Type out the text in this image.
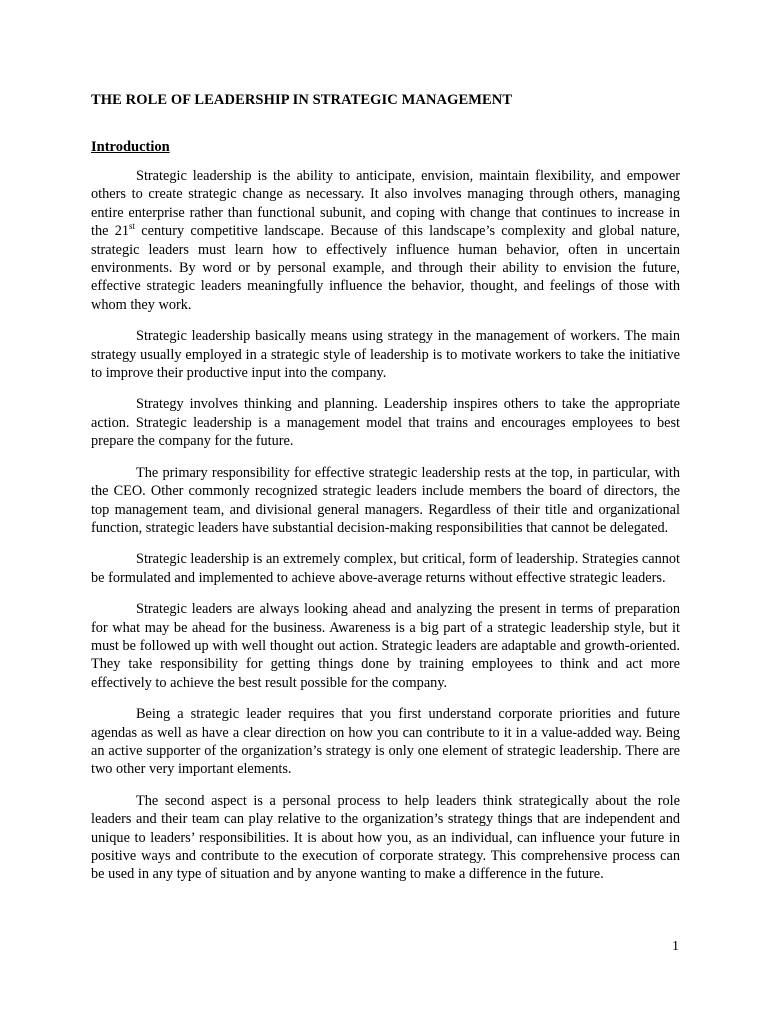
THE ROLE OF LEADERSHIP IN STRATEGIC MANAGEMENT
Introduction

Strategic leadership is the ability to anticipate, envision, maintain flexibility, and empower others to create strategic change as necessary. It also involves managing through others, managing entire enterprise rather than functional subunit, and coping with change that continues to increase in the 21st century competitive landscape. Because of this landscape’s complexity and global nature, strategic leaders must learn how to effectively influence human behavior, often in uncertain environments. By word or by personal example, and through their ability to envision the future, effective strategic leaders meaningfully influence the behavior, thought, and feelings of those with whom they work.

Strategic leadership basically means using strategy in the management of workers. The main strategy usually employed in a strategic style of leadership is to motivate workers to take the initiative to improve their productive input into the company.

Strategy involves thinking and planning. Leadership inspires others to take the appropriate action. Strategic leadership is a management model that trains and encourages employees to best prepare the company for the future.

The primary responsibility for effective strategic leadership rests at the top, in particular, with the CEO. Other commonly recognized strategic leaders include members the board of directors, the top management team, and divisional general managers. Regardless of their title and organizational function, strategic leaders have substantial decision-making responsibilities that cannot be delegated.

Strategic leadership is an extremely complex, but critical, form of leadership. Strategies cannot be formulated and implemented to achieve above-average returns without effective strategic leaders.

Strategic leaders are always looking ahead and analyzing the present in terms of preparation for what may be ahead for the business. Awareness is a big part of a strategic leadership style, but it must be followed up with well thought out action. Strategic leaders are adaptable and growth-oriented. They take responsibility for getting things done by training employees to think and act more effectively to achieve the best result possible for the company.

Being a strategic leader requires that you first understand corporate priorities and future agendas as well as have a clear direction on how you can contribute to it in a value-added way. Being an active supporter of the organization’s strategy is only one element of strategic leadership. There are two other very important elements.

The second aspect is a personal process to help leaders think strategically about the role leaders and their team can play relative to the organization’s strategy things that are independent and unique to leaders’ responsibilities. It is about how you, as an individual, can influence your future in positive ways and contribute to the execution of corporate strategy. This comprehensive process can be used in any type of situation and by anyone wanting to make a difference in the future.

1
